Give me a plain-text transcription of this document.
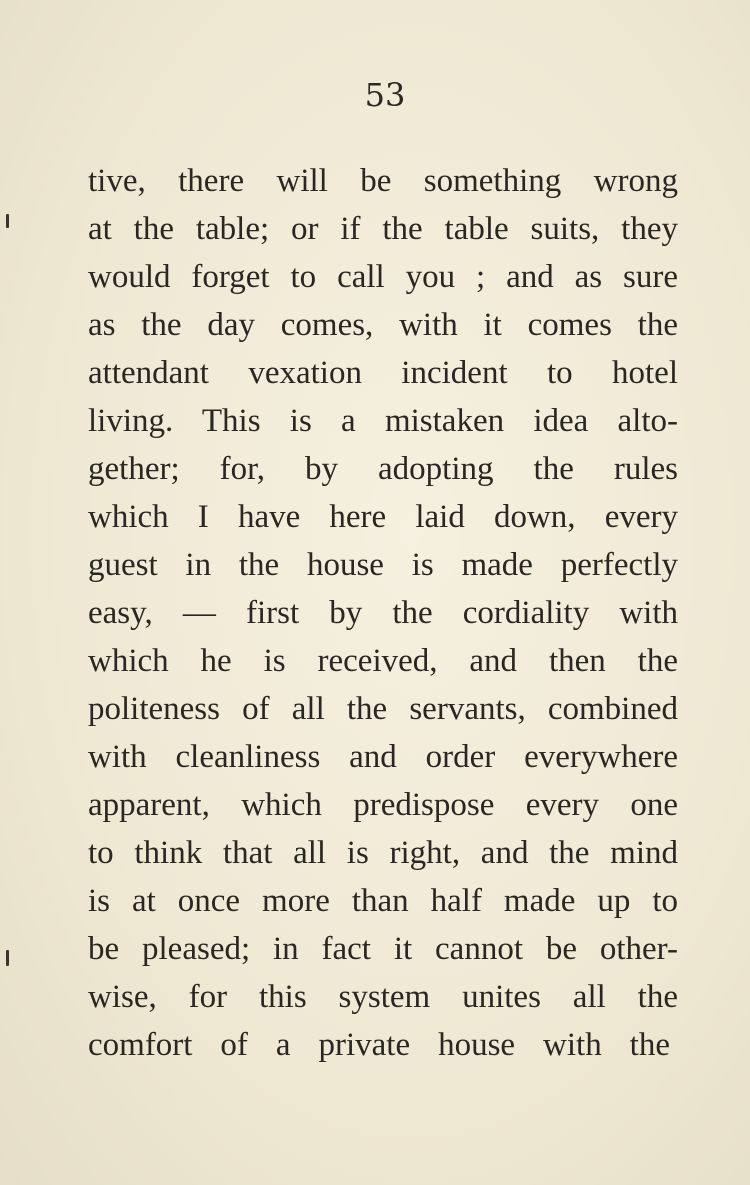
53
tive, there will be something wrong
at the table; or if the table suits, they
would forget to call you ; and as sure
as the day comes, with it comes the
attendant vexation incident to hotel
living. This is a mistaken idea alto-
gether; for, by adopting the rules
which I have here laid down, every
guest in the house is made perfectly
easy, — first by the cordiality with
which he is received, and then the
politeness of all the servants, combined
with cleanliness and order everywhere
apparent, which predispose every one
to think that all is right, and the mind
is at once more than half made up to
be pleased; in fact it cannot be other-
wise, for this system unites all the
comfort of a private house with the
